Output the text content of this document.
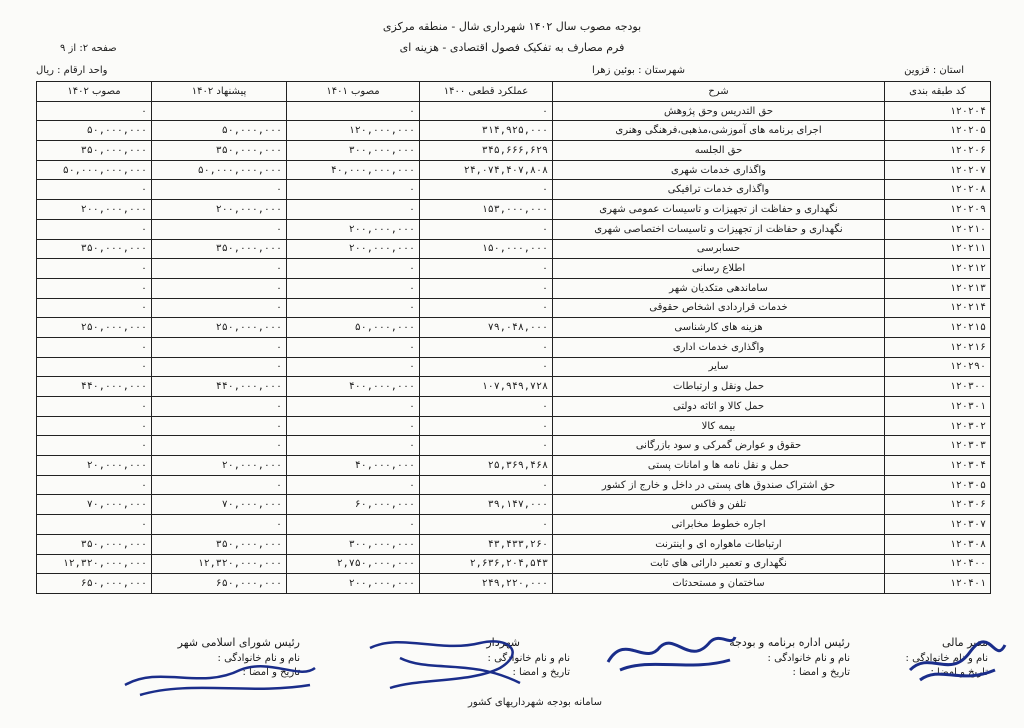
بودجه مصوب سال ۱۴۰۲ شهرداری شال - منطقه مرکزی
فرم مصارف به تفکیک فصول اقتصادی - هزینه ای
صفحه ۲: از ۹
واحد ارقام : ریال	استان : قزوین
شهرستان : بوئین زهرا
مصوب ۱۴۰۲	پیشنهاد ۱۴۰۲	مصوب ۱۴۰۱	عملکرد قطعی ۱۴۰۰	شرح	کد طبقه بندی
۰		۰	۰	حق التدریس وحق پژوهش	۱۲۰۲۰۴
۵۰,۰۰۰,۰۰۰	۵۰,۰۰۰,۰۰۰	۱۲۰,۰۰۰,۰۰۰	۳۱۴,۹۲۵,۰۰۰	اجرای برنامه های آموزشی،مذهبی،فرهنگی وهنری	۱۲۰۲۰۵
۳۵۰,۰۰۰,۰۰۰	۳۵۰,۰۰۰,۰۰۰	۳۰۰,۰۰۰,۰۰۰	۳۴۵,۶۶۶,۶۲۹	حق الجلسه	۱۲۰۲۰۶
۵۰,۰۰۰,۰۰۰,۰۰۰	۵۰,۰۰۰,۰۰۰,۰۰۰	۴۰,۰۰۰,۰۰۰,۰۰۰	۲۴,۰۷۴,۴۰۷,۸۰۸	واگذاری خدمات شهری	۱۲۰۲۰۷
۰	۰	۰	۰	واگذاری خدمات ترافیکی	۱۲۰۲۰۸
۲۰۰,۰۰۰,۰۰۰	۲۰۰,۰۰۰,۰۰۰	۰	۱۵۳,۰۰۰,۰۰۰	نگهداری و حفاظت از تجهیزات و تاسیسات عمومی شهری	۱۲۰۲۰۹
۰	۰	۲۰۰,۰۰۰,۰۰۰	۰	نگهداری و حفاظت از تجهیزات و تاسیسات اختصاصی شهری	۱۲۰۲۱۰
۳۵۰,۰۰۰,۰۰۰	۳۵۰,۰۰۰,۰۰۰	۲۰۰,۰۰۰,۰۰۰	۱۵۰,۰۰۰,۰۰۰	حسابرسی	۱۲۰۲۱۱
۰	۰	۰	۰	اطلاع رسانی	۱۲۰۲۱۲
۰	۰	۰	۰	ساماندهی متکدیان شهر	۱۲۰۲۱۳
۰	۰	۰	۰	خدمات قراردادی اشخاص حقوقی	۱۲۰۲۱۴
۲۵۰,۰۰۰,۰۰۰	۲۵۰,۰۰۰,۰۰۰	۵۰,۰۰۰,۰۰۰	۷۹,۰۴۸,۰۰۰	هزینه های کارشناسی	۱۲۰۲۱۵
۰	۰	۰	۰	واگذاری خدمات اداری	۱۲۰۲۱۶
۰	۰	۰	۰	سایر	۱۲۰۲۹۰
۴۴۰,۰۰۰,۰۰۰	۴۴۰,۰۰۰,۰۰۰	۴۰۰,۰۰۰,۰۰۰	۱۰۷,۹۴۹,۷۲۸	حمل ونقل و ارتباطات	۱۲۰۳۰۰
۰	۰	۰	۰	حمل کالا و اثاثه دولتی	۱۲۰۳۰۱
۰	۰	۰	۰	بیمه کالا	۱۲۰۳۰۲
۰	۰	۰	۰	حقوق و عوارض گمرکی و سود بازرگانی	۱۲۰۳۰۳
۲۰,۰۰۰,۰۰۰	۲۰,۰۰۰,۰۰۰	۴۰,۰۰۰,۰۰۰	۲۵,۳۶۹,۴۶۸	حمل و نقل نامه ها و امانات پستی	۱۲۰۳۰۴
۰	۰	۰	۰	حق اشتراک صندوق های پستی در داخل و خارج از کشور	۱۲۰۳۰۵
۷۰,۰۰۰,۰۰۰	۷۰,۰۰۰,۰۰۰	۶۰,۰۰۰,۰۰۰	۳۹,۱۴۷,۰۰۰	تلفن و فاکس	۱۲۰۳۰۶
۰	۰	۰	۰	اجاره خطوط مخابراتی	۱۲۰۳۰۷
۳۵۰,۰۰۰,۰۰۰	۳۵۰,۰۰۰,۰۰۰	۳۰۰,۰۰۰,۰۰۰	۴۳,۴۳۳,۲۶۰	ارتباطات ماهواره ای و اینترنت	۱۲۰۳۰۸
۱۲,۳۲۰,۰۰۰,۰۰۰	۱۲,۳۲۰,۰۰۰,۰۰۰	۲,۷۵۰,۰۰۰,۰۰۰	۲,۶۳۶,۲۰۴,۵۴۳	نگهداری و تعمیر دارائی های ثابت	۱۲۰۴۰۰
۶۵۰,۰۰۰,۰۰۰	۶۵۰,۰۰۰,۰۰۰	۲۰۰,۰۰۰,۰۰۰	۲۴۹,۲۲۰,۰۰۰	ساختمان و مستحدثات	۱۲۰۴۰۱
مدیر مالی
نام و نام خانوادگی :
تاریخ و امضا :
رئیس اداره برنامه و بودجه
نام و نام خانوادگی :
تاریخ و امضا :
شهردار
نام و نام خانوادگی :
تاریخ و امضا :
رئیس شورای اسلامی شهر
نام و نام خانوادگی :
تاریخ و امضا :
سامانه بودجه شهرداریهای کشور
